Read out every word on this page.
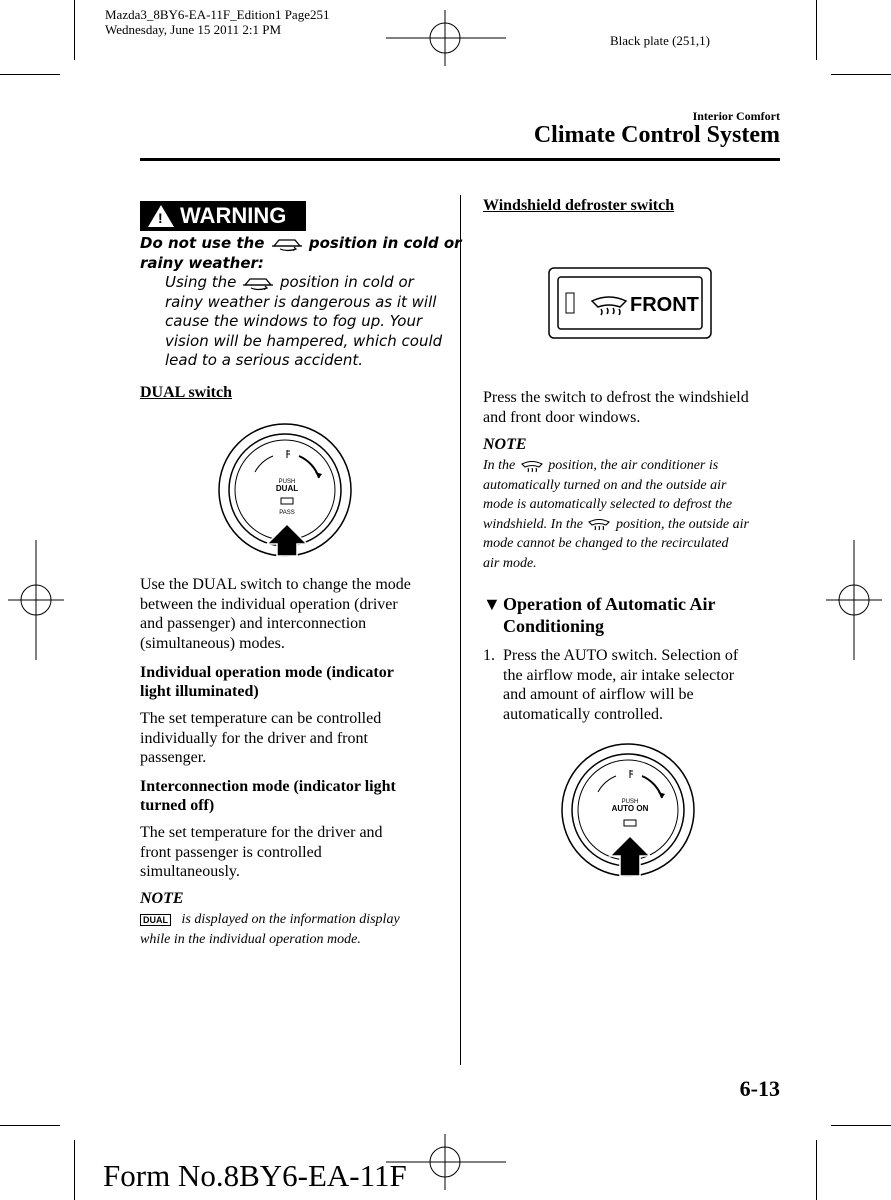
Mazda3_8BY6-EA-11F_Edition1 Page251
Wednesday, June 15 2011 2:1 PM
Black plate (251,1)
Interior Comfort
Climate Control System
! WARNING
Do not use the	position in cold or
rainy weather:
Using the	position in cold or
rainy weather is dangerous as it will
cause the windows to fog up. Your
vision will be hampered, which could
lead to a serious accident.
DUAL switch
PUSH
DUAL
PASS
Use the DUAL switch to change the mode
between the individual operation (driver
and passenger) and interconnection
(simultaneous) modes.
Individual operation mode (indicator
light illuminated)
The set temperature can be controlled
individually for the driver and front
passenger.
Interconnection mode (indicator light
turned off)
The set temperature for the driver and
front passenger is controlled
simultaneously.
NOTE
DUAL is displayed on the information display
while in the individual operation mode.
Windshield defroster switch
FRONT
Press the switch to defrost the windshield
and front door windows.
NOTE
In the position, the air conditioner is
automatically turned on and the outside air
mode is automatically selected to defrost the
windshield. In the position, the outside air
mode cannot be changed to the recirculated
air mode.
▼ Operation of Automatic Air
Conditioning
1. Press the AUTO switch. Selection of
the airflow mode, air intake selector
and amount of airflow will be
automatically controlled.
PUSH
AUTO ON
6-13
Form No.8BY6-EA-11F
